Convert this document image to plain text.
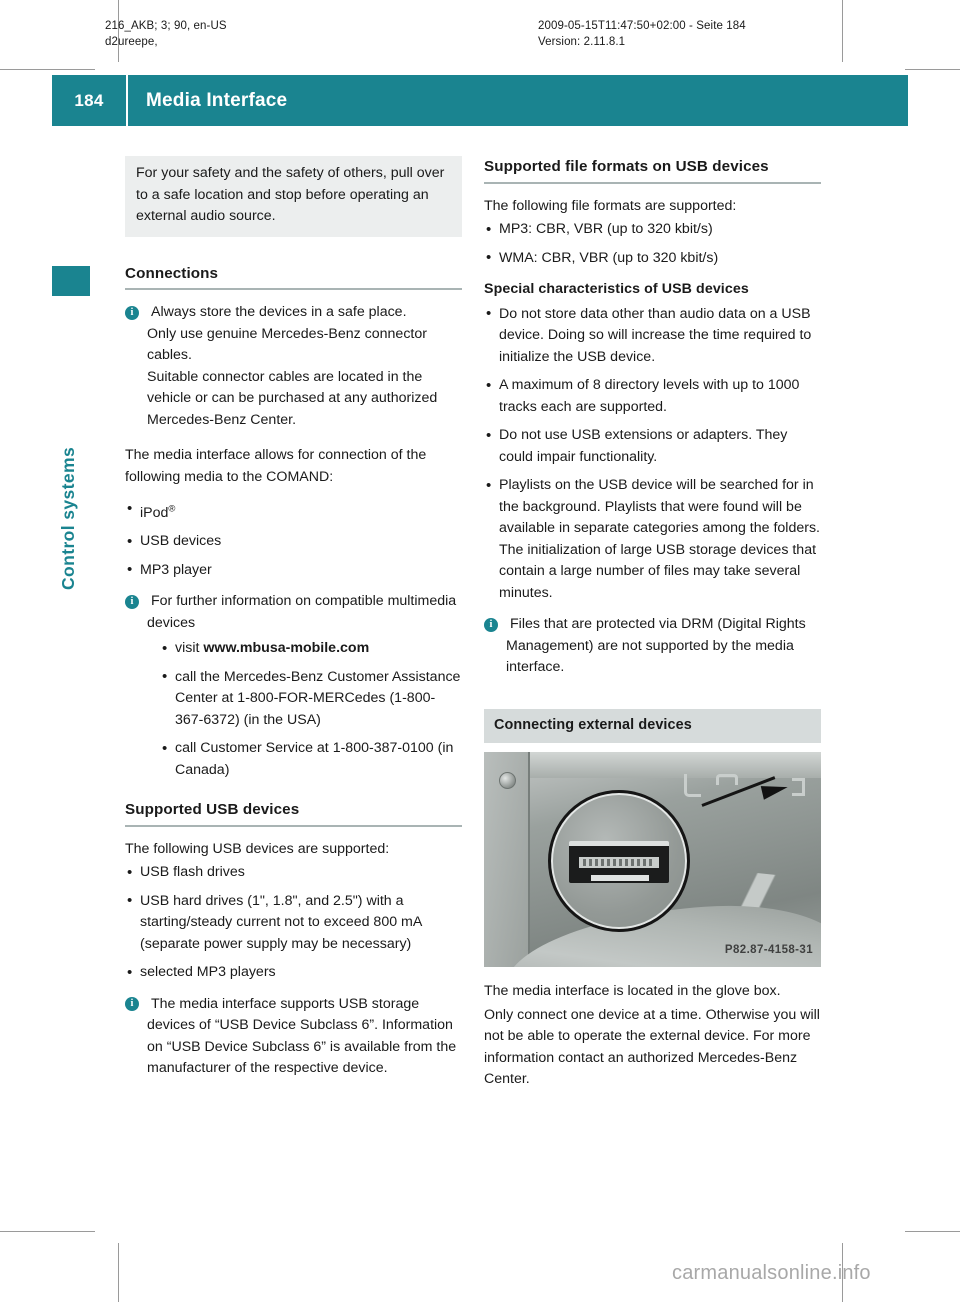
216_AKB; 3; 90, en-US
d2ureepe,
2009-05-15T11:47:50+02:00 - Seite 184
Version: 2.11.8.1
184	Media Interface
Control systems
For your safety and the safety of others, pull over to a safe location and stop before operating an external audio source.
Connections
i	Always store the devices in a safe place.

Only use genuine Mercedes-Benz connector cables.

Suitable connector cables are located in the vehicle or can be purchased at any authorized Mercedes-Benz Center.

The media interface allows for connection of the following media to the COMAND:

• iPod®
• USB devices
• MP3 player
i	For further information on compatible multimedia devices

• visit www.mbusa-mobile.com
• call the Mercedes-Benz Customer Assistance Center at 1-800-FOR-MERCedes (1-800-367-6372) (in the USA)
• call Customer Service at 1-800-387-0100 (in Canada)
Supported USB devices

The following USB devices are supported:

• USB flash drives
• USB hard drives (1", 1.8", and 2.5") with a starting/steady current not to exceed 800 mA (separate power supply may be necessary)
• selected MP3 players
i	The media interface supports USB storage devices of “USB Device Subclass 6”. Information on “USB Device Subclass 6” is available from the manufacturer of the respective device.

Supported file formats on USB devices

The following file formats are supported:

• MP3: CBR, VBR (up to 320 kbit/s)
• WMA: CBR, VBR (up to 320 kbit/s)
Special characteristics of USB devices
• Do not store data other than audio data on a USB device. Doing so will increase the time required to initialize the USB device.
• A maximum of 8 directory levels with up to 1000 tracks each are supported.
• Do not use USB extensions or adapters. They could impair functionality.
• Playlists on the USB device will be searched for in the background. Playlists that were found will be available in separate categories among the folders. The initialization of large USB storage devices that contain a large number of files may take several minutes.
i	Files that are protected via DRM (Digital Rights Management) are not supported by the media interface.

Connecting external devices
P82.87-4158-31

The media interface is located in the glove box.

Only connect one device at a time. Otherwise you will not be able to operate the external device. For more information contact an authorized Mercedes-Benz Center.

carmanualsonline.info
